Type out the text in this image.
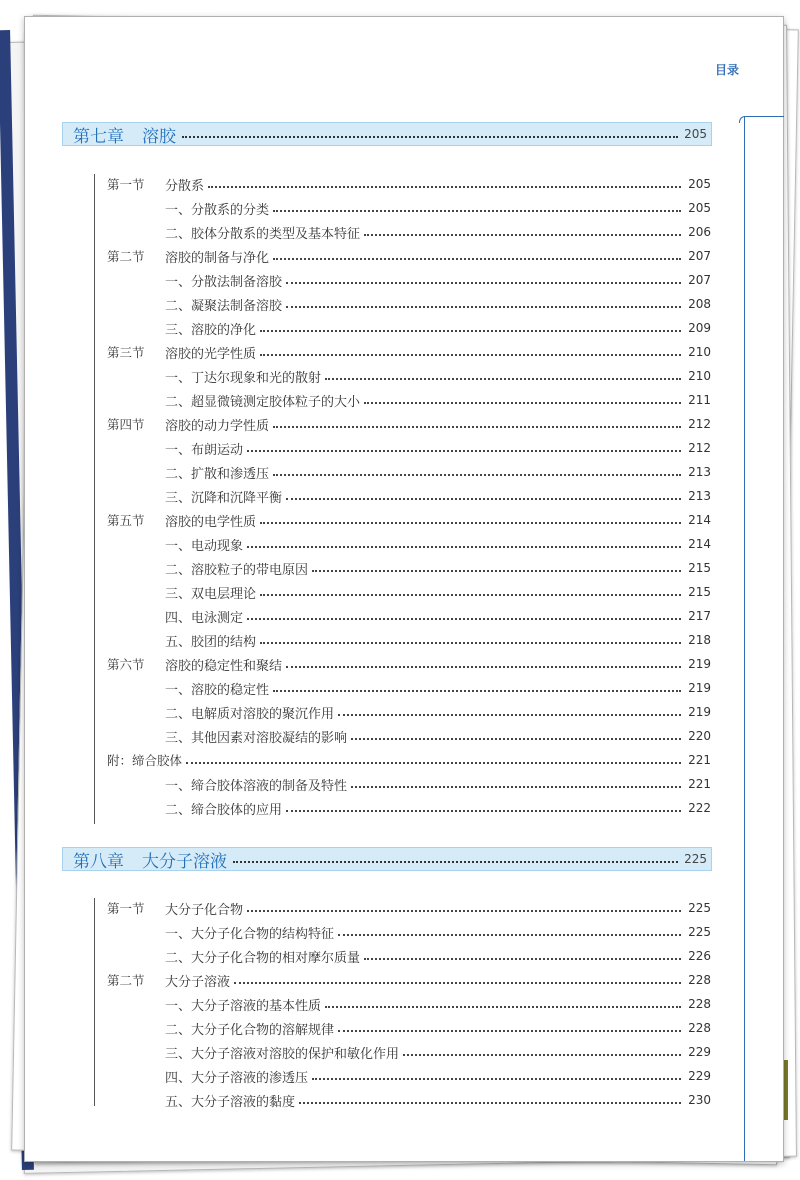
目录
第七章 溶胶	205
第一节	分散系	205
一、分散系的分类	205
二、胶体分散系的类型及基本特征	206
第二节	溶胶的制备与净化	207
一、分散法制备溶胶	207
二、凝聚法制备溶胶	208
三、溶胶的净化	209
第三节	溶胶的光学性质	210
一、丁达尔现象和光的散射	210
二、超显微镜测定胶体粒子的大小	211
第四节	溶胶的动力学性质	212
一、布朗运动	212
二、扩散和渗透压	213
三、沉降和沉降平衡	213
第五节	溶胶的电学性质	214
一、电动现象	214
二、溶胶粒子的带电原因	215
三、双电层理论	215
四、电泳测定	217
五、胶团的结构	218
第六节	溶胶的稳定性和聚结	219
一、溶胶的稳定性	219
二、电解质对溶胶的聚沉作用	219
三、其他因素对溶胶凝结的影响	220
附：缔合胶体	221
一、缔合胶体溶液的制备及特性	221
二、缔合胶体的应用	222
第八章 大分子溶液	225
第一节	大分子化合物	225
一、大分子化合物的结构特征	225
二、大分子化合物的相对摩尔质量	226
第二节	大分子溶液	228
一、大分子溶液的基本性质	228
二、大分子化合物的溶解规律	228
三、大分子溶液对溶胶的保护和敏化作用	229
四、大分子溶液的渗透压	229
五、大分子溶液的黏度	230
